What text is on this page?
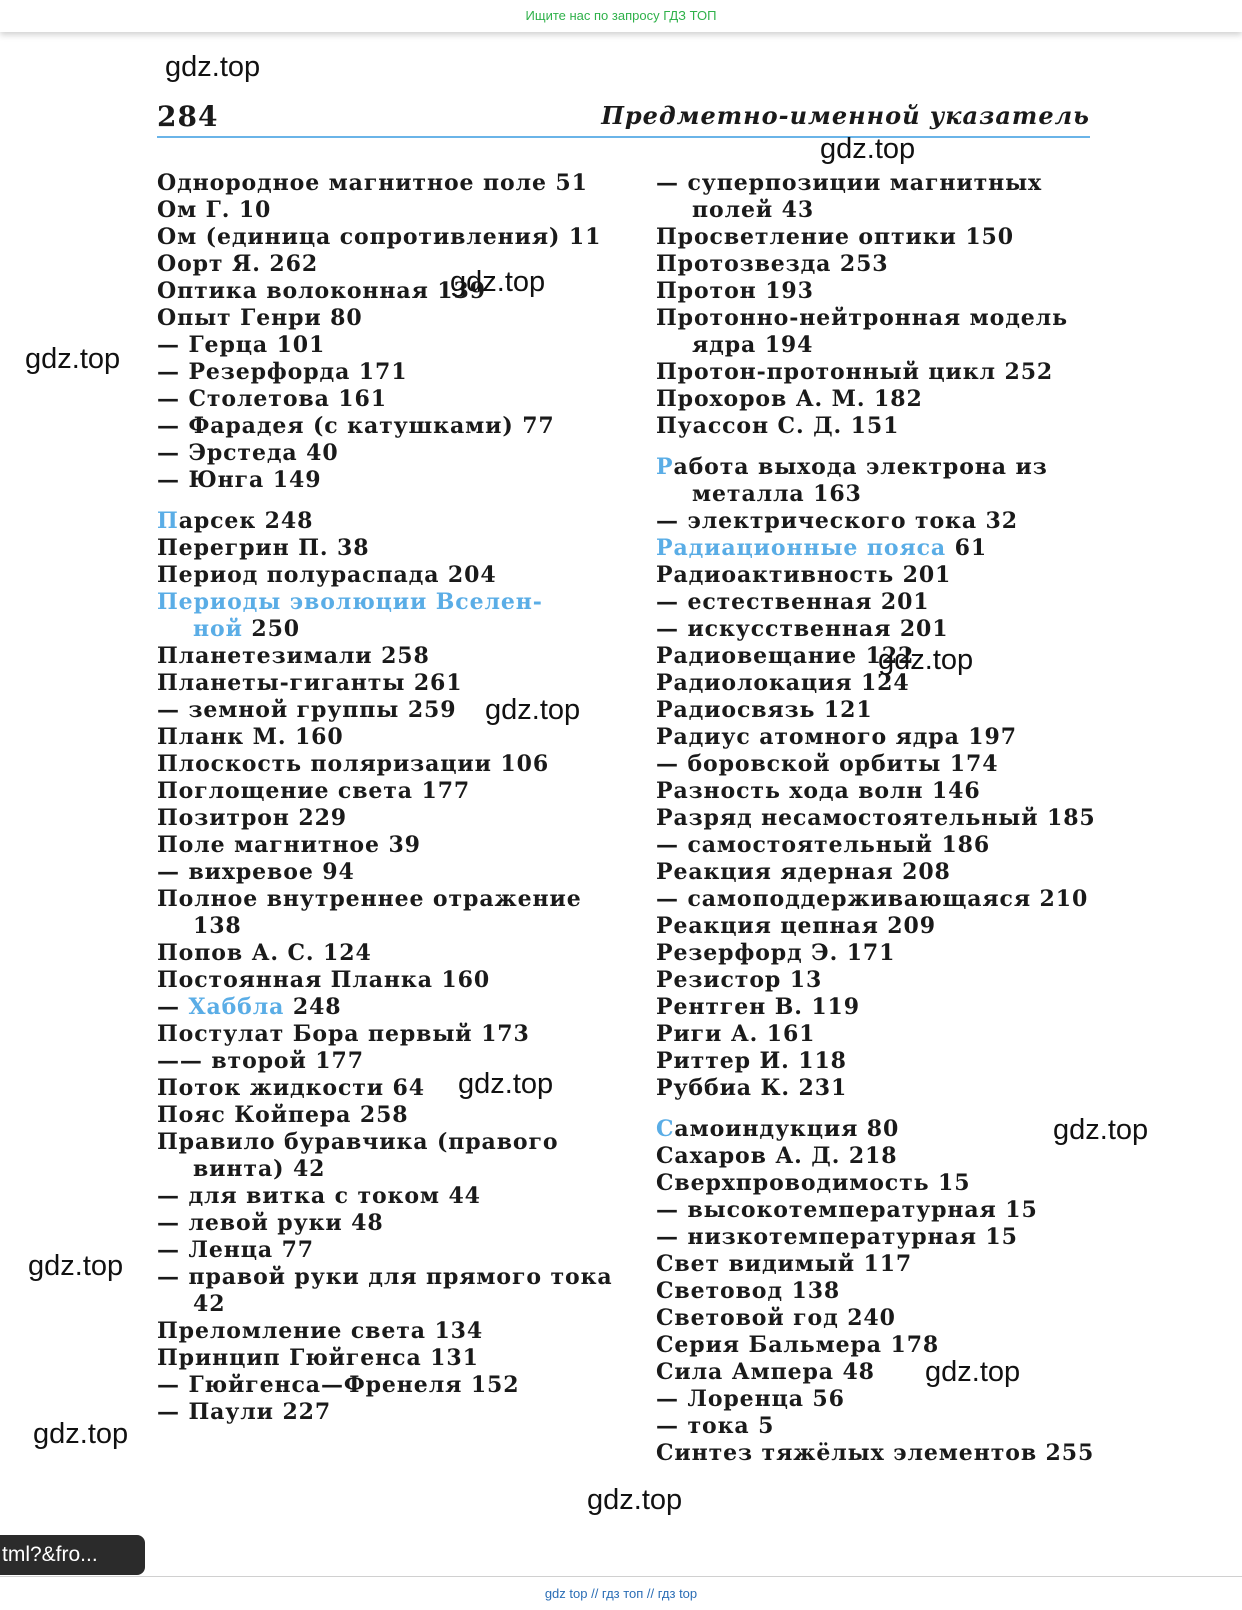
Ищите нас по запросу ГДЗ ТОП
284	Предметно-именной указатель
Однородное магнитное поле 51
Ом Г. 10
Ом (единица сопротивления) 11
Оорт Я. 262
Оптика волоконная 139
Опыт Генри 80
— Герца 101
— Резерфорда 171
— Столетова 161
— Фарадея (с катушками) 77
— Эрстеда 40
— Юнга 149
Парсек 248
Перегрин П. 38
Период полураспада 204
Периоды эволюции Вселен-
ной 250
Планетезимали 258
Планеты-гиганты 261
— земной группы 259
Планк М. 160
Плоскость поляризации 106
Поглощение света 177
Позитрон 229
Поле магнитное 39
— вихревое 94
Полное внутреннее отражение
138
Попов А. С. 124
Постоянная Планка 160
— Хаббла 248
Постулат Бора первый 173
—— второй 177
Поток жидкости 64
Пояс Койпера 258
Правило буравчика (правого
винта) 42
— для витка с током 44
— левой руки 48
— Ленца 77
— правой руки для прямого тока
42
Преломление света 134
Принцип Гюйгенса 131
— Гюйгенса—Френеля 152
— Паули 227
— суперпозиции магнитных
полей 43
Просветление оптики 150
Протозвезда 253
Протон 193
Протонно-нейтронная модель
ядра 194
Протон-протонный цикл 252
Прохоров А. М. 182
Пуассон С. Д. 151
Работа выхода электрона из
металла 163
— электрического тока 32
Радиационные пояса 61
Радиоактивность 201
— естественная 201
— искусственная 201
Радиовещание 122
Радиолокация 124
Радиосвязь 121
Радиус атомного ядра 197
— боровской орбиты 174
Разность хода волн 146
Разряд несамостоятельный 185
— самостоятельный 186
Реакция ядерная 208
— самоподдерживающаяся 210
Реакция цепная 209
Резерфорд Э. 171
Резистор 13
Рентген В. 119
Риги А. 161
Риттер И. 118
Руббиа К. 231
Самоиндукция 80
Сахаров А. Д. 218
Сверхпроводимость 15
— высокотемпературная 15
— низкотемпературная 15
Свет видимый 117
Световод 138
Световой год 240
Серия Бальмера 178
Сила Ампера 48
— Лоренца 56
— тока 5
Синтез тяжёлых элементов 255
gdz.top
gdz.top
gdz.top
gdz.top
gdz.top
gdz.top
gdz.top
gdz.top
gdz.top
gdz.top
gdz.top
gdz.top
tml?&fro...
gdz top // гдз топ // гдз top
